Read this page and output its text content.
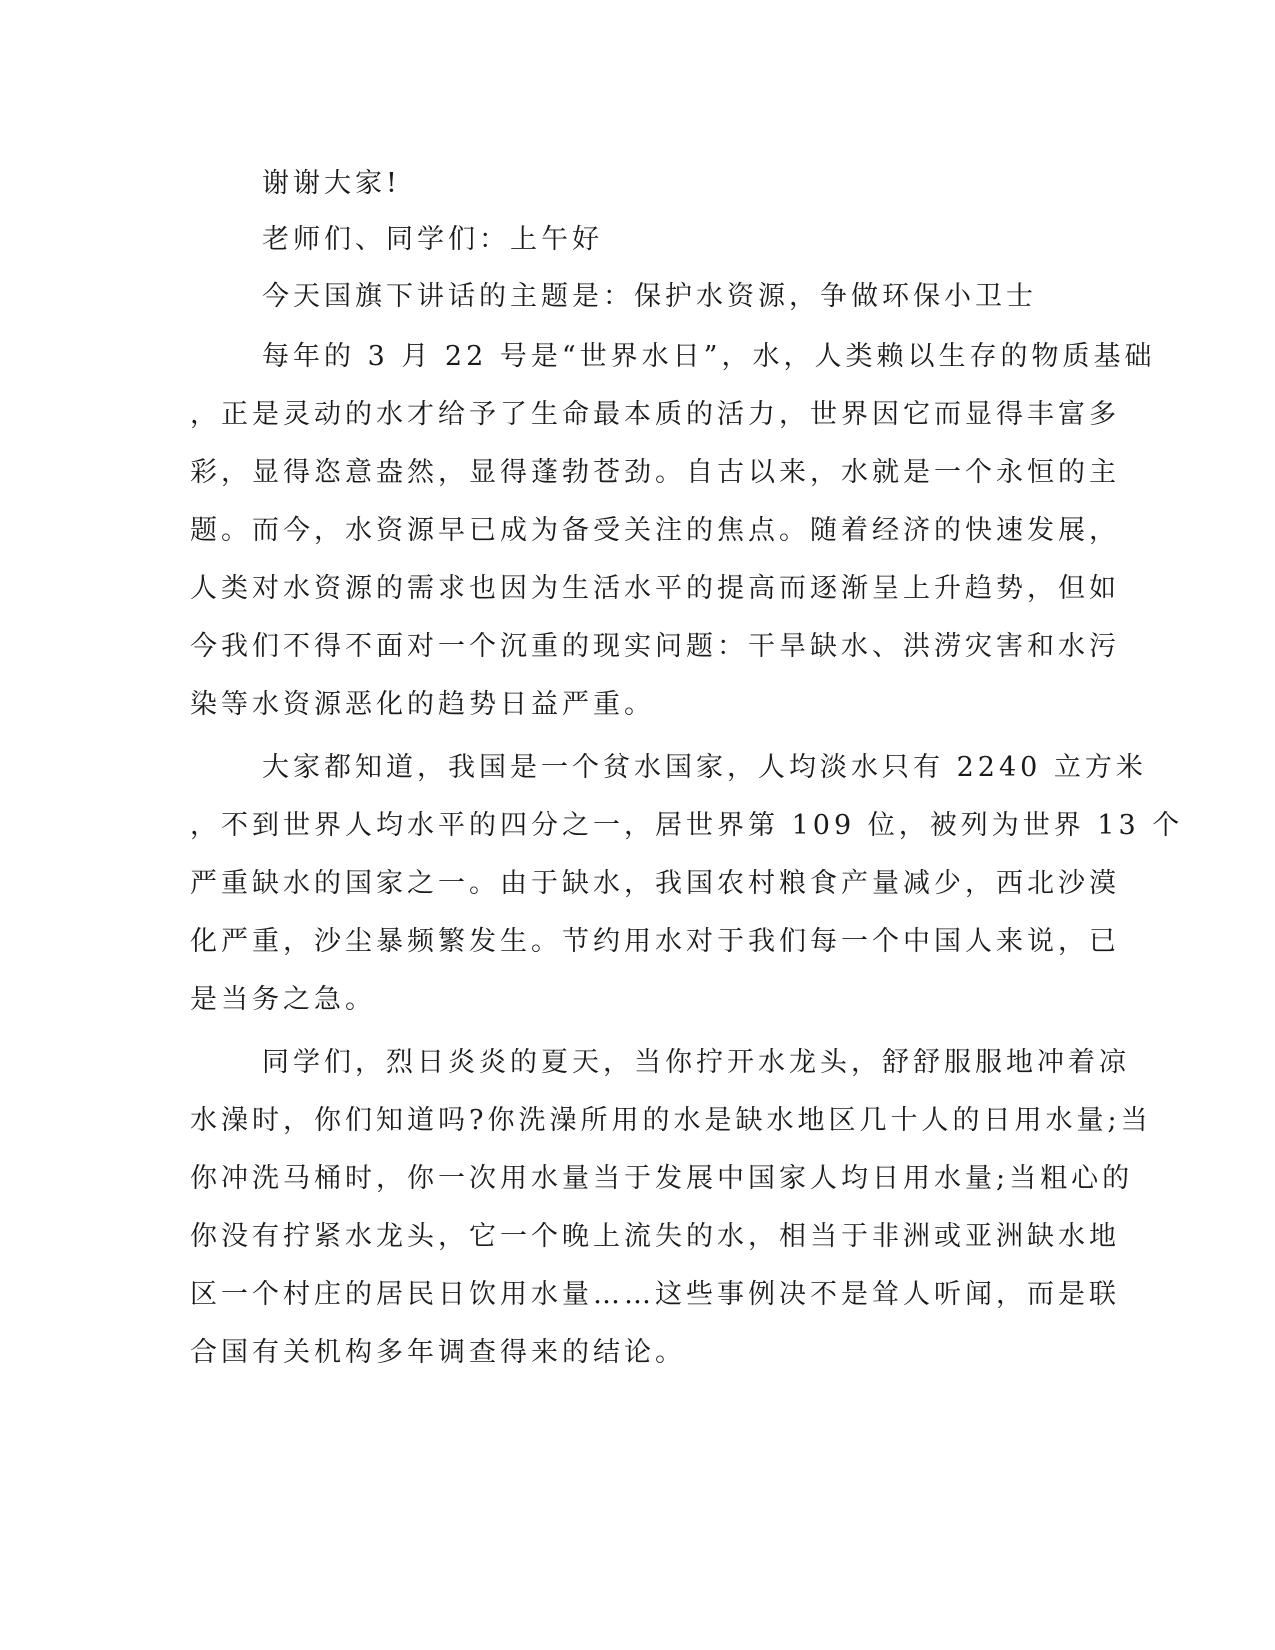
谢谢大家!
老师们、同学们：上午好
今天国旗下讲话的主题是：保护水资源，争做环保小卫士
每年的 3 月 22 号是“世界水日”，水，人类赖以生存的物质基础
，正是灵动的水才给予了生命最本质的活力，世界因它而显得丰富多
彩，显得恣意盎然，显得蓬勃苍劲。自古以来，水就是一个永恒的主
题。而今，水资源早已成为备受关注的焦点。随着经济的快速发展，
人类对水资源的需求也因为生活水平的提高而逐渐呈上升趋势，但如
今我们不得不面对一个沉重的现实问题：干旱缺水、洪涝灾害和水污
染等水资源恶化的趋势日益严重。
大家都知道，我国是一个贫水国家，人均淡水只有 2240 立方米
，不到世界人均水平的四分之一，居世界第 109 位，被列为世界 13 个
严重缺水的国家之一。由于缺水，我国农村粮食产量减少，西北沙漠
化严重，沙尘暴频繁发生。节约用水对于我们每一个中国人来说，已
是当务之急。
同学们，烈日炎炎的夏天，当你拧开水龙头，舒舒服服地冲着凉
水澡时，你们知道吗?你洗澡所用的水是缺水地区几十人的日用水量;当
你冲洗马桶时，你一次用水量当于发展中国家人均日用水量;当粗心的
你没有拧紧水龙头，它一个晚上流失的水，相当于非洲或亚洲缺水地
区一个村庄的居民日饮用水量……这些事例决不是耸人听闻，而是联
合国有关机构多年调查得来的结论。
